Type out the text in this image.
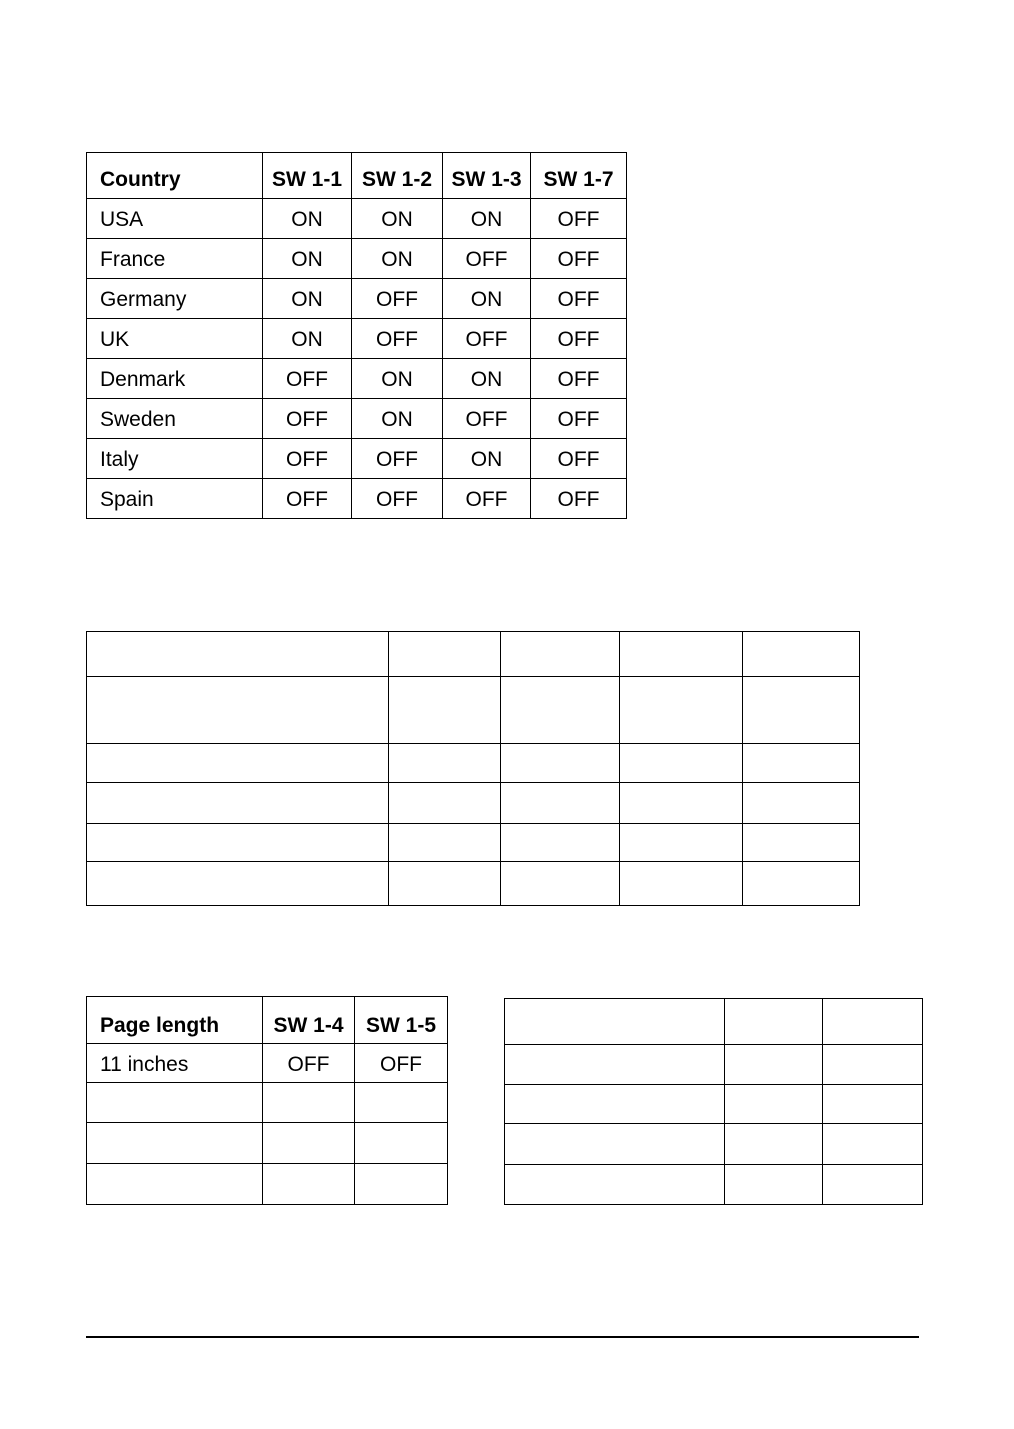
Country	SW 1-1	SW 1-2	SW 1-3	SW 1-7
USA	ON	ON	ON	OFF
France	ON	ON	OFF	OFF
Germany	ON	OFF	ON	OFF
UK	ON	OFF	OFF	OFF
Denmark	OFF	ON	ON	OFF
Sweden	OFF	ON	OFF	OFF
Italy	OFF	OFF	ON	OFF
Spain	OFF	OFF	OFF	OFF

Page length	SW 1-4	SW 1-5
11 inches	OFF	OFF
